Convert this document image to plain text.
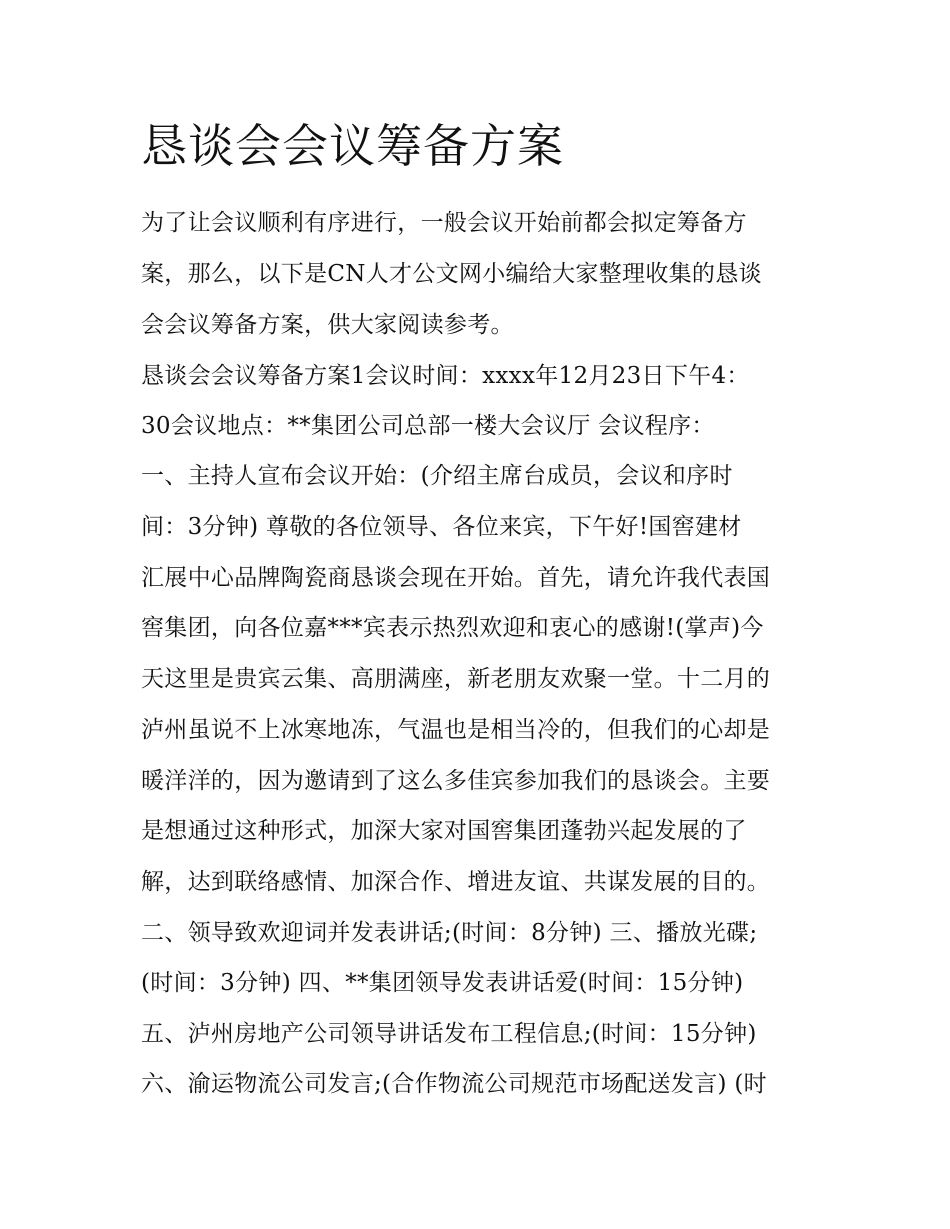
恳谈会会议筹备方案

为了让会议顺利有序进行，一般会议开始前都会拟定筹备方

案，那么，以下是CN人才公文网小编给大家整理收集的恳谈

会会议筹备方案，供大家阅读参考。

恳谈会会议筹备方案1会议时间：xxxx年12月23日下午4：

30会议地点：**集团公司总部一楼大会议厅 会议程序：

一、主持人宣布会议开始：(介绍主席台成员，会议和序时

间：3分钟) 尊敬的各位领导、各位来宾，下午好!国窖建材

汇展中心品牌陶瓷商恳谈会现在开始。首先，请允许我代表国

窖集团，向各位嘉***宾表示热烈欢迎和衷心的感谢!(掌声)今

天这里是贵宾云集、高朋满座，新老朋友欢聚一堂。十二月的

泸州虽说不上冰寒地冻，气温也是相当冷的，但我们的心却是

暖洋洋的，因为邀请到了这么多佳宾参加我们的恳谈会。主要

是想通过这种形式，加深大家对国窖集团蓬勃兴起发展的了

解，达到联络感情、加深合作、增进友谊、共谋发展的目的。

二、领导致欢迎词并发表讲话;(时间：8分钟) 三、播放光碟;

(时间：3分钟) 四、**集团领导发表讲话爱(时间：15分钟)

五、泸州房地产公司领导讲话发布工程信息;(时间：15分钟)

六、渝运物流公司发言;(合作物流公司规范市场配送发言) (时
